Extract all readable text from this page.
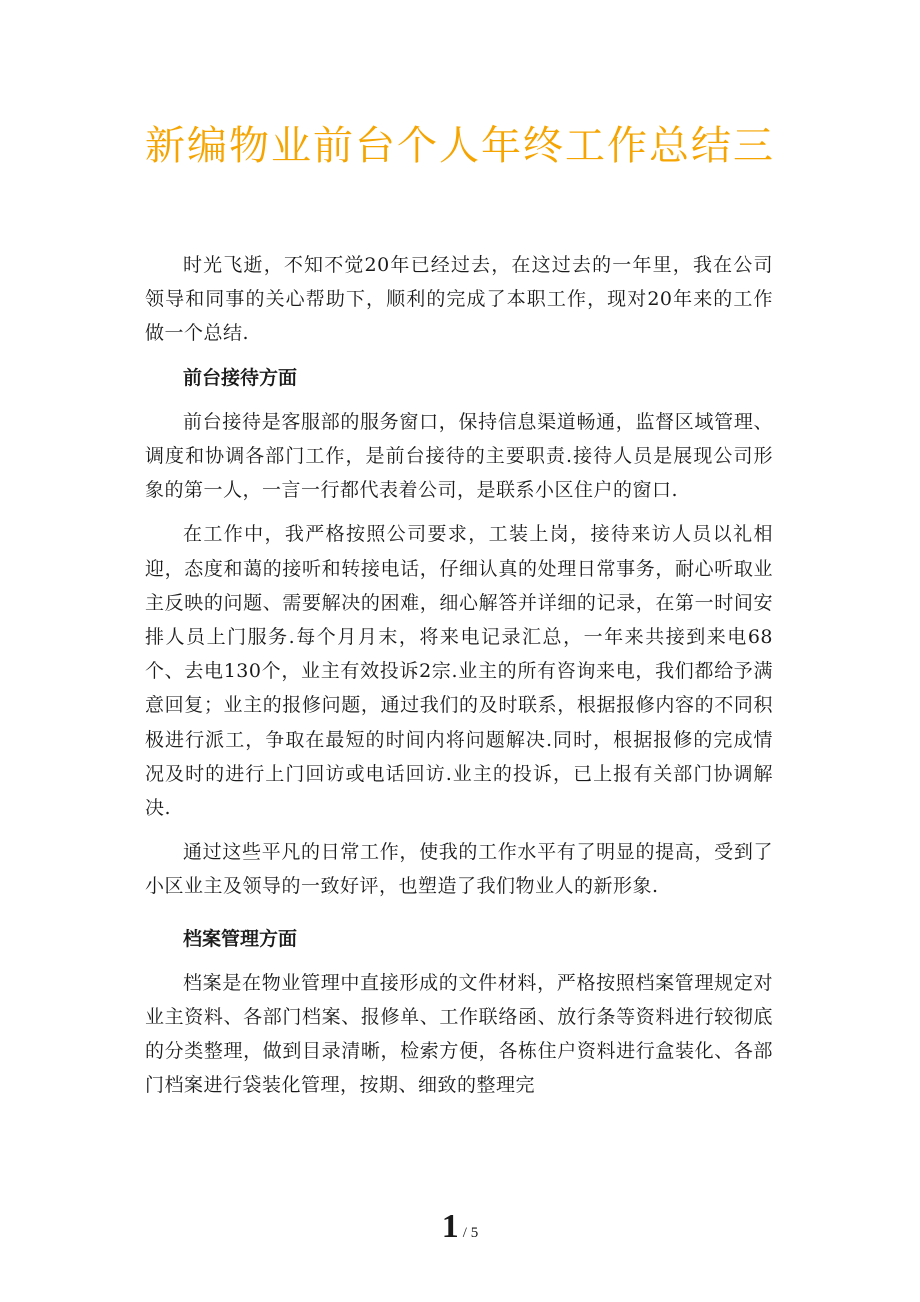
新编物业前台个人年终工作总结三

时光飞逝，不知不觉20年已经过去，在这过去的一年里，我在公司领导和同事的关心帮助下，顺利的完成了本职工作，现对20年来的工作做一个总结.

前台接待方面

前台接待是客服部的服务窗口，保持信息渠道畅通，监督区域管理、调度和协调各部门工作，是前台接待的主要职责.接待人员是展现公司形象的第一人，一言一行都代表着公司，是联系小区住户的窗口.

在工作中，我严格按照公司要求，工装上岗，接待来访人员以礼相迎，态度和蔼的接听和转接电话，仔细认真的处理日常事务，耐心听取业主反映的问题、需要解决的困难，细心解答并详细的记录，在第一时间安排人员上门服务.每个月月末，将来电记录汇总，一年来共接到来电68个、去电130个，业主有效投诉2宗.业主的所有咨询来电，我们都给予满意回复；业主的报修问题，通过我们的及时联系，根据报修内容的不同积极进行派工，争取在最短的时间内将问题解决.同时，根据报修的完成情况及时的进行上门回访或电话回访.业主的投诉，已上报有关部门协调解决.

通过这些平凡的日常工作，使我的工作水平有了明显的提高，受到了小区业主及领导的一致好评，也塑造了我们物业人的新形象.

档案管理方面

档案是在物业管理中直接形成的文件材料，严格按照档案管理规定对业主资料、各部门档案、报修单、工作联络函、放行条等资料进行较彻底的分类整理，做到目录清晰，检索方便，各栋住户资料进行盒装化、各部门档案进行袋装化管理，按期、细致的整理完

1 / 5
